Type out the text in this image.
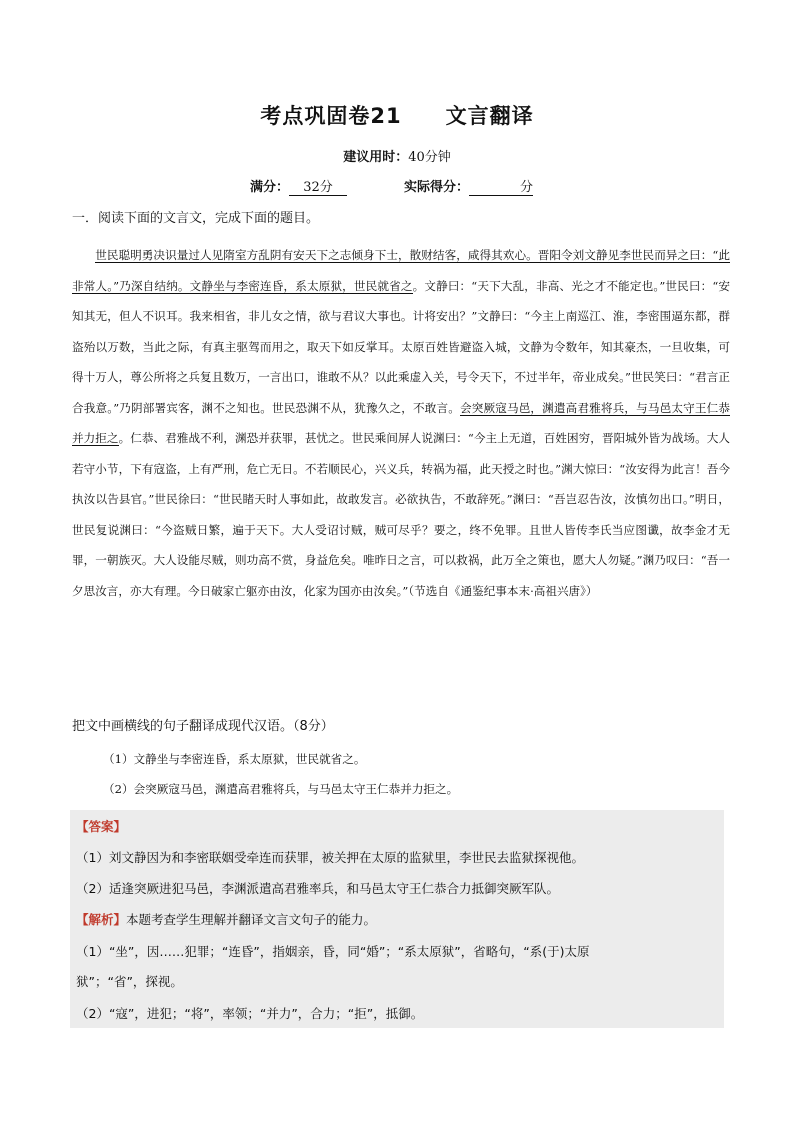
考点巩固卷21　　文言翻译
建议用时：40分钟
满分： 32分	实际得分：	分
一．阅读下面的文言文，完成下面的题目。
世民聪明勇决识量过人见隋室方乱阴有安天下之志倾身下士，散财结客，咸得其欢心。晋阳令刘文静见李世民而异之曰：“此非常人。”乃深自结纳。文静坐与李密连昏，系太原狱，世民就省之。文静曰：“天下大乱，非高、光之才不能定也。”世民曰：“安知其无，但人不识耳。我来相省，非儿女之情，欲与君议大事也。计将安出？”文静曰：“今主上南巡江、淮，李密围逼东都，群盗殆以万数，当此之际，有真主驱驾而用之，取天下如反掌耳。太原百姓皆避盗入城，文静为令数年，知其豪杰，一旦收集，可得十万人，尊公所将之兵复且数万，一言出口，谁敢不从？以此乘虚入关，号令天下，不过半年，帝业成矣。”世民笑曰：“君言正合我意。”乃阴部署宾客，渊不之知也。世民恐渊不从，犹豫久之，不敢言。会突厥寇马邑，渊遣高君雅将兵，与马邑太守王仁恭并力拒之。仁恭、君雅战不利，渊恐并获罪，甚忧之。世民乘间屏人说渊曰：“今主上无道，百姓困穷，晋阳城外皆为战场。大人若守小节，下有寇盗，上有严刑，危亡无日。不若顺民心，兴义兵，转祸为福，此天授之时也。”渊大惊曰：“汝安得为此言！吾今执汝以告县官。”世民徐曰：“世民睹天时人事如此，故敢发言。必欲执告，不敢辞死。”渊曰：“吾岂忍告汝，汝慎勿出口。”明日，世民复说渊曰：“今盗贼日繁，遍于天下。大人受诏讨贼，贼可尽乎？要之，终不免罪。且世人皆传李氏当应图谶，故李金才无罪，一朝族灭。大人设能尽贼，则功高不赏，身益危矣。唯昨日之言，可以救祸，此万全之策也，愿大人勿疑。”渊乃叹曰：“吾一夕思汝言，亦大有理。今日破家亡躯亦由汝，化家为国亦由汝矣。”（节选自《通鉴纪事本末·高祖兴唐》）
把文中画横线的句子翻译成现代汉语。（8分）
（1）文静坐与李密连昏，系太原狱，世民就省之。
（2）会突厥寇马邑，渊遣高君雅将兵，与马邑太守王仁恭并力拒之。
【答案】
（1）刘文静因为和李密联姻受牵连而获罪，被关押在太原的监狱里，李世民去监狱探视他。
（2）适逢突厥进犯马邑，李渊派遣高君雅率兵，和马邑太守王仁恭合力抵御突厥军队。
【解析】本题考查学生理解并翻译文言文句子的能力。
（1）“坐”，因……犯罪；“连昏”，指姻亲，昏，同“婚”；“系太原狱”，省略句，“系(于)太原
狱”；“省”，探视。
（2）“寇”，进犯；“将”，率领；“并力”，合力；“拒”，抵御。
